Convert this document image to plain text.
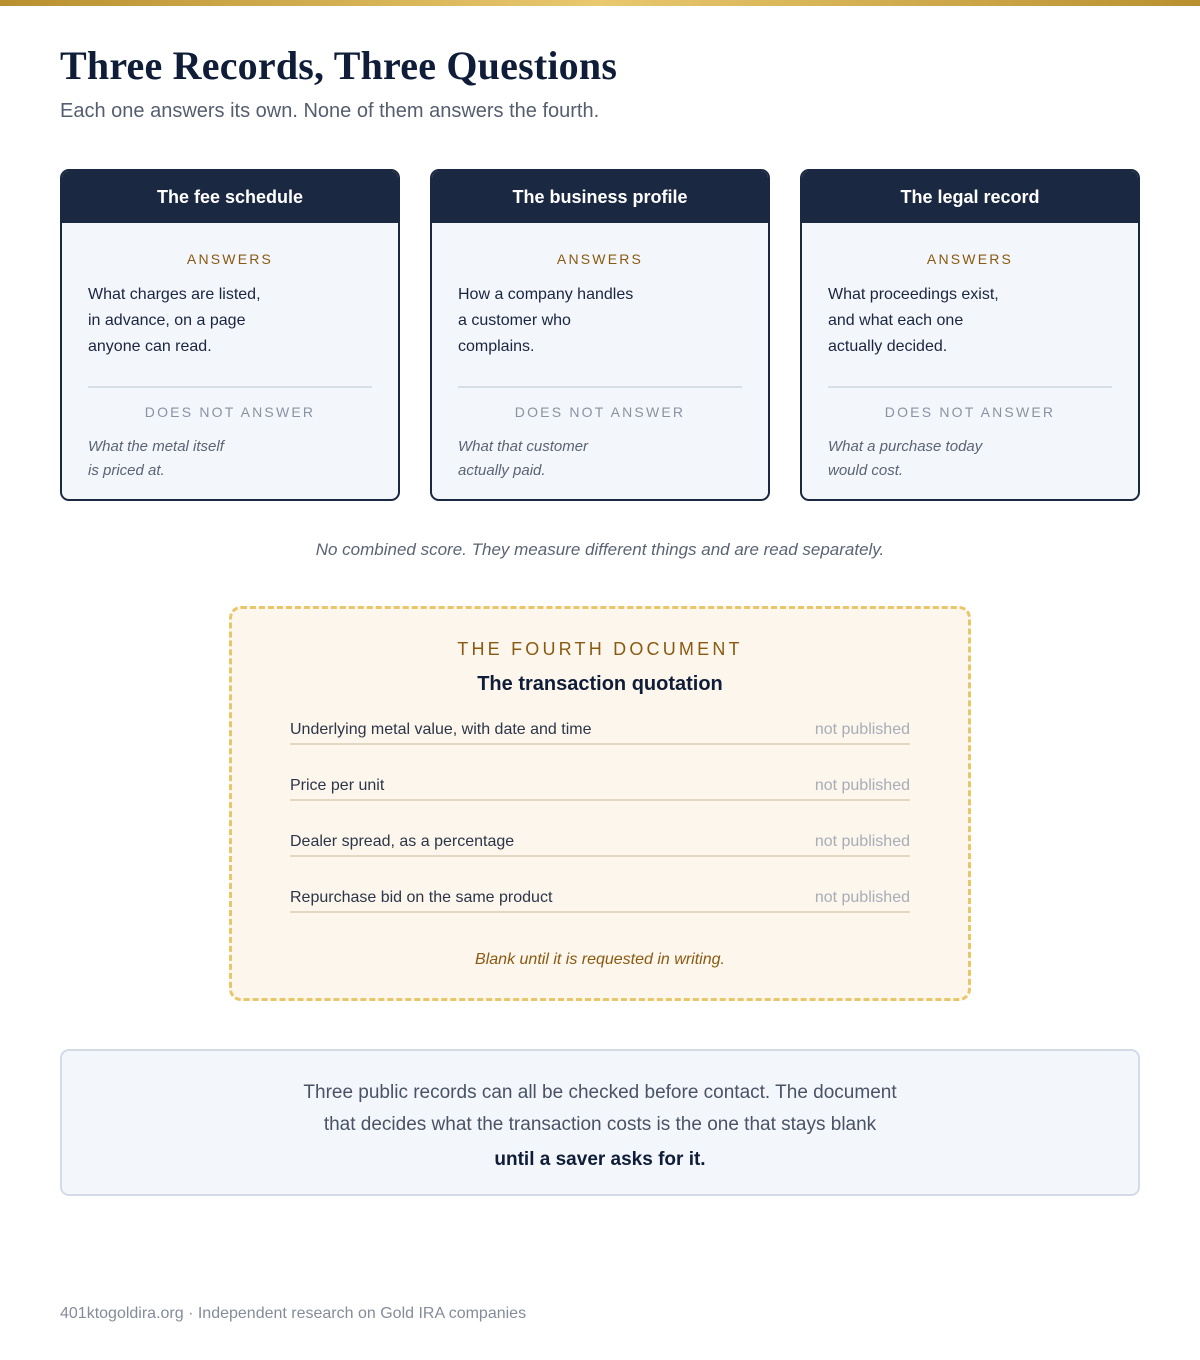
Three Records, Three Questions

Each one answers its own. None of them answers the fourth.

The fee schedule
ANSWERS
What charges are listed,
in advance, on a page
anyone can read.
DOES NOT ANSWER
What the metal itself
is priced at.
The business profile
ANSWERS
How a company handles
a customer who
complains.
DOES NOT ANSWER
What that customer
actually paid.
The legal record
ANSWERS
What proceedings exist,
and what each one
actually decided.
DOES NOT ANSWER
What a purchase today
would cost.

No combined score. They measure different things and are read separately.

THE FOURTH DOCUMENT
The transaction quotation
Underlying metal value, with date and time	not published
Price per unit	not published
Dealer spread, as a percentage	not published
Repurchase bid on the same product	not published
Blank until it is requested in writing.
Three public records can all be checked before contact. The document
that decides what the transaction costs is the one that stays blank
until a saver asks for it.
401ktogoldira.org · Independent research on Gold IRA companies
